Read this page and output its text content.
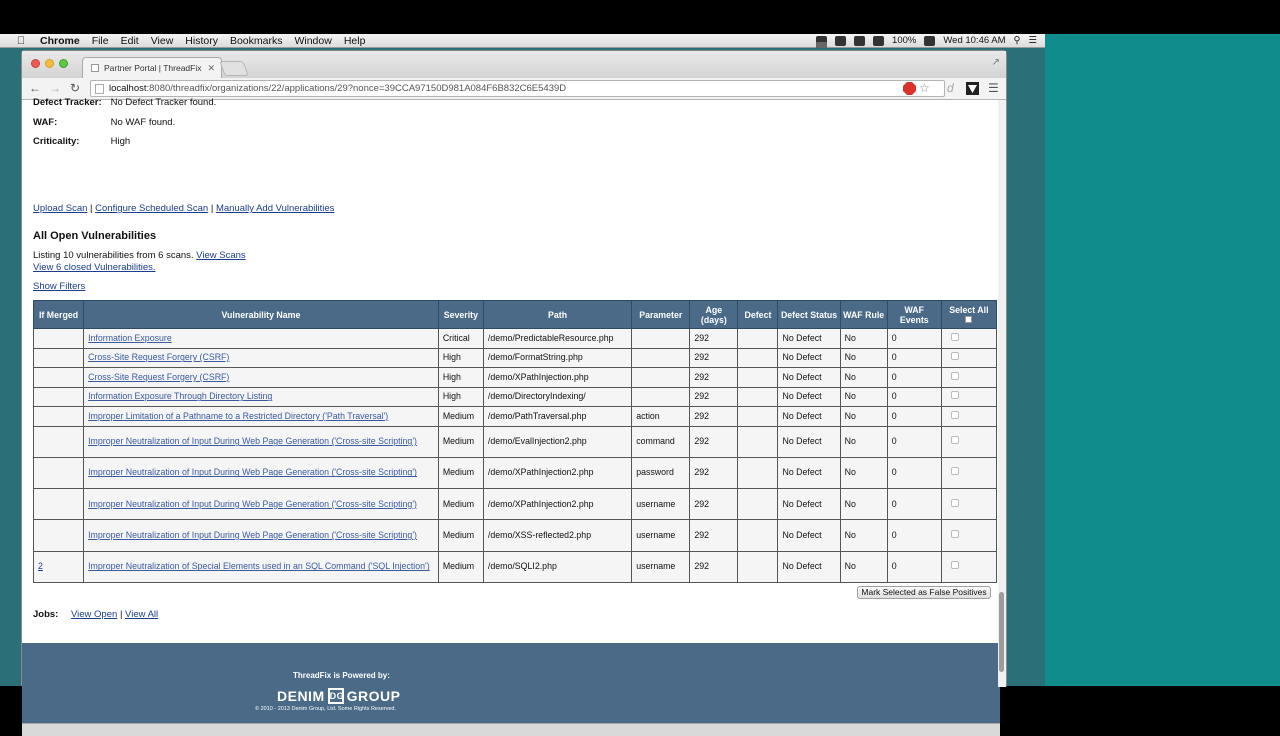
Chrome File Edit View History Bookmarks Window Help	100%	Wed 10:46 AM ⚲ ☰
Partner Portal | ThreadFix ✕	↗
← → ↻	localhost :8080/threadfix/organizations/22/applications/29?nonce=39CCA97150D981A084F6B832C6E5439D	☆ d	☰
Defect Tracker: No Defect Tracker found.
WAF:	No WAF found.
Criticality:	High
Upload Scan | Configure Scheduled Scan | Manually Add Vulnerabilities
All Open Vulnerabilities
Listing 10 vulnerabilities from 6 scans. View Scans
View 6 closed Vulnerabilities.
Show Filters
If Merged	Vulnerability Name	Severity	Path	Parameter	Age (days)	Defect	Defect Status	WAF Rule	WAF Events	Select All

	Information Exposure	Critical	/demo/PredictableResource.php		292		No Defect	No	0	
	Cross-Site Request Forgery (CSRF)	High	/demo/FormatString.php		292		No Defect	No	0	
	Cross-Site Request Forgery (CSRF)	High	/demo/XPathInjection.php		292		No Defect	No	0	
	Information Exposure Through Directory Listing	High	/demo/DirectoryIndexing/		292		No Defect	No	0	
	Improper Limitation of a Pathname to a Restricted Directory ('Path Traversal')	Medium	/demo/PathTraversal.php	action	292		No Defect	No	0	
	Improper Neutralization of Input During Web Page Generation ('Cross-site Scripting')	Medium	/demo/EvalInjection2.php	command	292		No Defect	No	0	
	Improper Neutralization of Input During Web Page Generation ('Cross-site Scripting')	Medium	/demo/XPathInjection2.php	password	292		No Defect	No	0	
	Improper Neutralization of Input During Web Page Generation ('Cross-site Scripting')	Medium	/demo/XPathInjection2.php	username	292		No Defect	No	0	
	Improper Neutralization of Input During Web Page Generation ('Cross-site Scripting')	Medium	/demo/XSS-reflected2.php	username	292		No Defect	No	0	
2	Improper Neutralization of Special Elements used in an SQL Command ('SQL Injection')	Medium	/demo/SQLI2.php	username	292		No Defect	No	0	
Mark Selected as False Positives
Jobs: View Open | View All
ThreadFix is Powered by:
DENIM DG GROUP
© 2010 - 2013 Denim Group, Ltd. Some Rights Reserved.
